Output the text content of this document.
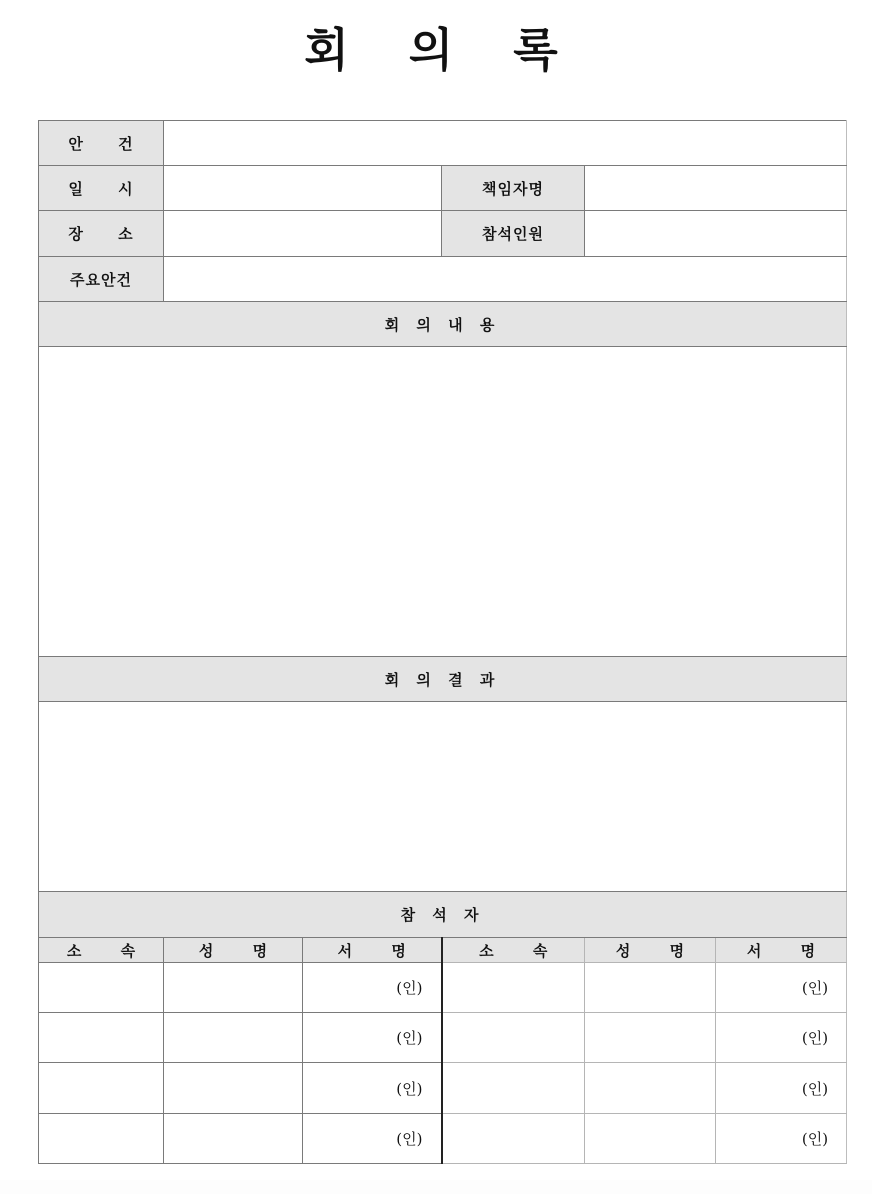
회 의 록
안 건					
일 시			책임자명		
장 소			참석인원		
주요안건					
회 의 내 용					

회 의 결 과					

참 석 자					
소 속	성 명	서 명	소 속	성 명	서 명
		(인)			(인)
		(인)			(인)
		(인)			(인)
		(인)			(인)
